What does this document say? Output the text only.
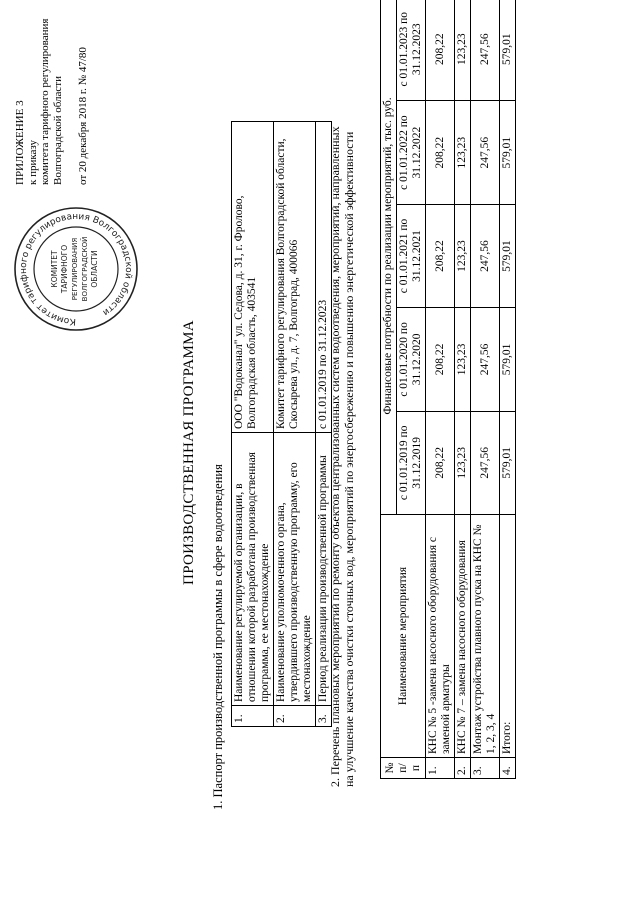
ПРИЛОЖЕНИЕ 3 к приказу комитета тарифного регулирования Волгоградской области
от 20 декабря 2018 г. № 47/80
Комитет тарифного регулирования Волгоградской области
КОМИТЕТ ТАРИФНОГО РЕГУЛИРОВАНИЯ ВОЛГОГРАДСКОЙ ОБЛАСТИ
ПРОИЗВОДСТВЕННАЯ ПРОГРАММА
1. Паспорт производственной программы в сфере водоотведения 1.	Наименование регулируемой организации, в отношении которой разработана производственная программа, ее местонахождение	ООО "Водоканал" ул. Седова, д. 31, г. Фролово, Волгоградская область, 403541
2.	Наименование уполномоченного органа, утвердившего производственную программу, его местонахождение	Комитет тарифного регулирования Волгоградской области, Скосырева ул., д. 7, Волгоград, 400066
3.	Период реализации производственной программы	с 01.01.2019 по 31.12.2023 2. Перечень плановых мероприятий по ремонту объектов централизованных систем водоотведения, мероприятий, направленных на улучшение качества очистки сточных вод, мероприятий по энергосбережению и повышению энергетической эффективности № п/п	Наименование мероприятия	Финансовые потребности по реализации мероприятий, тыс. руб.				
		с 01.01.2019 по 31.12.2019	с 01.01.2020 по 31.12.2020	с 01.01.2021 по 31.12.2021	с 01.01.2022 по 31.12.2022	с 01.01.2023 по 31.12.2023
1.	КНС № 5 -замена насосного оборудования с заменой арматуры	208,22	208,22	208,22	208,22	208,22
2.	КНС № 7 – замена насосного оборудования	123,23	123,23	123,23	123,23	123,23
3.	Монтаж устройства плавного пуска на КНС № 1, 2, 3, 4	247,56	247,56	247,56	247,56	247,56
4.	Итого:	579,01	579,01	579,01	579,01	579,01
